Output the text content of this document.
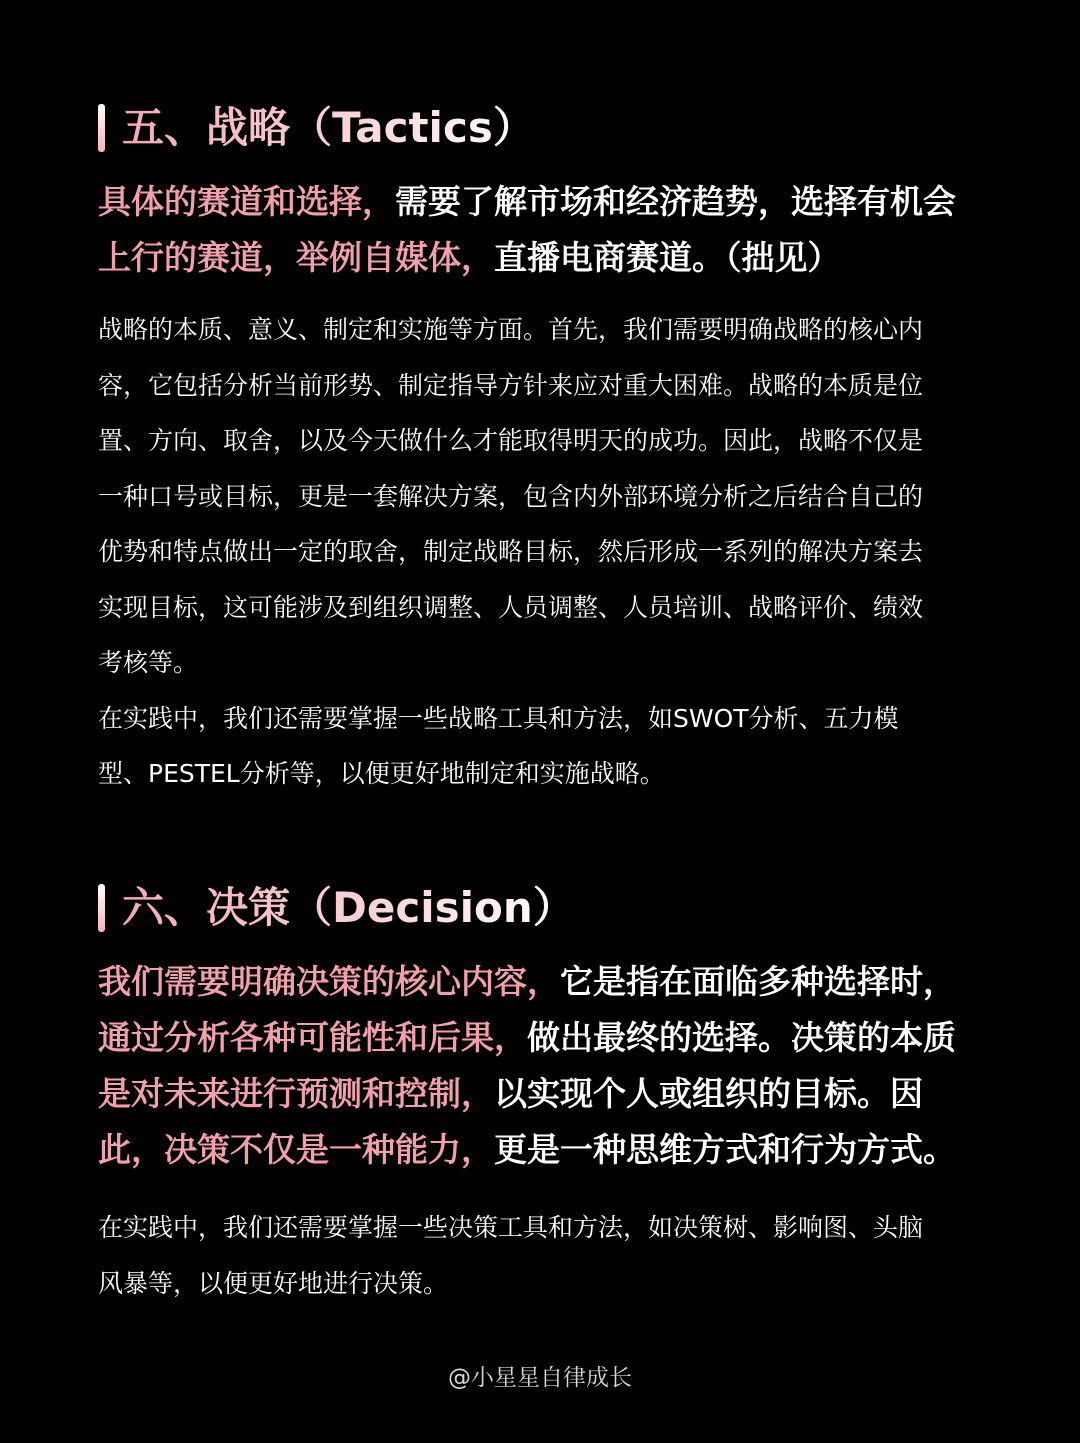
五、战略（Tactics）

具体的赛道和选择，需要了解市场和经济趋势，选择有机会

上行的赛道，举例自媒体，直播电商赛道。（拙见）

战略的本质、意义、制定和实施等方面。首先，我们需要明确战略的核心内

容，它包括分析当前形势、制定指导方针来应对重大困难。战略的本质是位

置、方向、取舍，以及今天做什么才能取得明天的成功。因此，战略不仅是

一种口号或目标，更是一套解决方案，包含内外部环境分析之后结合自己的

优势和特点做出一定的取舍，制定战略目标，然后形成一系列的解决方案去

实现目标，这可能涉及到组织调整、人员调整、人员培训、战略评价、绩效

考核等。

在实践中，我们还需要掌握一些战略工具和方法，如SWOT分析、五力模

型、PESTEL分析等，以便更好地制定和实施战略。

六、决策（Decision）

我们需要明确决策的核心内容，它是指在面临多种选择时，

通过分析各种可能性和后果，做出最终的选择。决策的本质

是对未来进行预测和控制，以实现个人或组织的目标。因

此，决策不仅是一种能力，更是一种思维方式和行为方式。

在实践中，我们还需要掌握一些决策工具和方法，如决策树、影响图、头脑

风暴等，以便更好地进行决策。

@小星星自律成长
